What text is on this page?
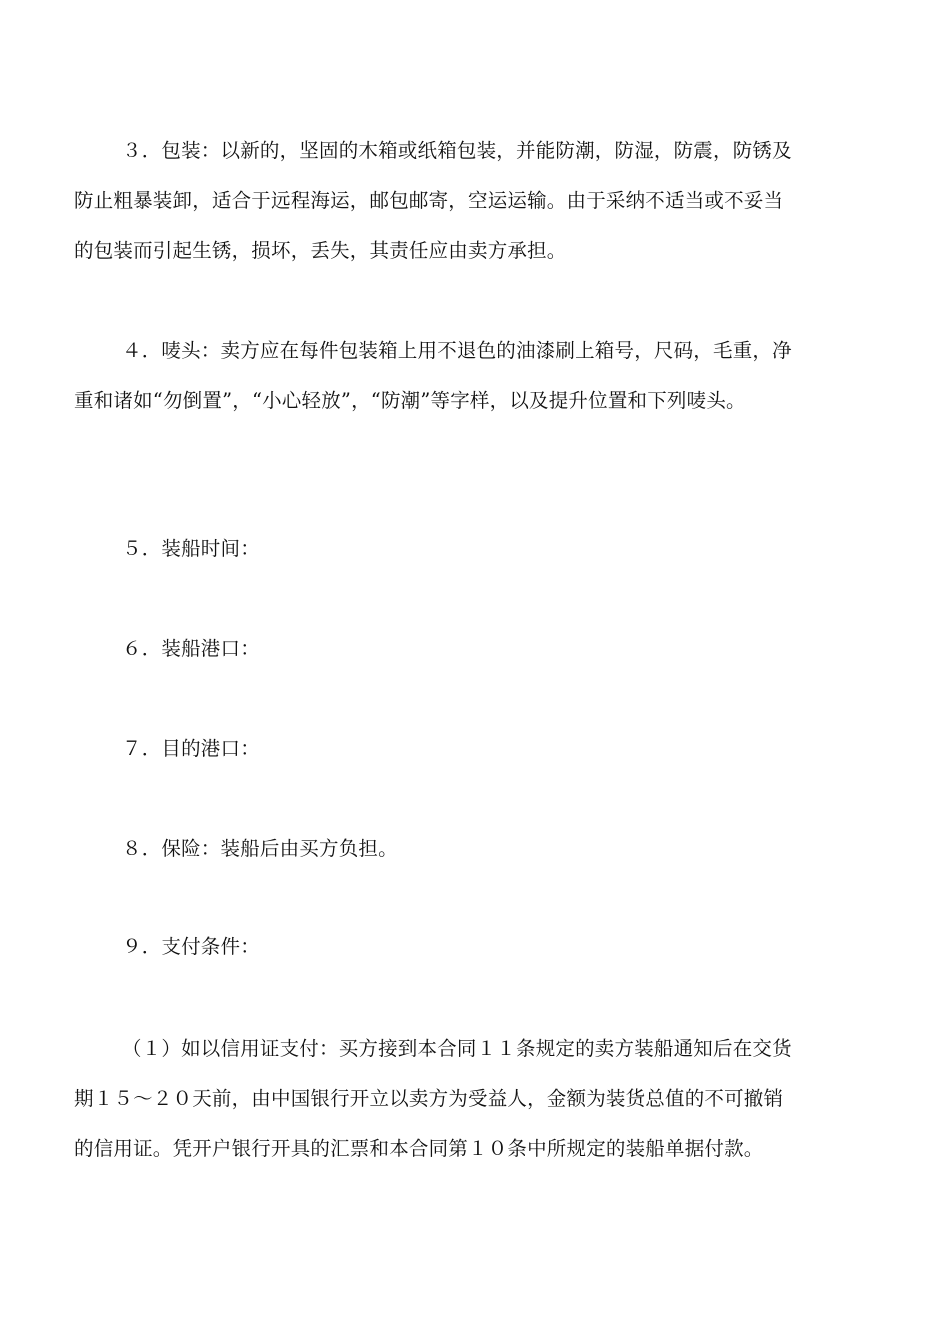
３．包装：以新的，坚固的木箱或纸箱包装，并能防潮，防湿，防震，防锈及
防止粗暴装卸，适合于远程海运，邮包邮寄，空运运输。由于采纳不适当或不妥当
的包装而引起生锈，损坏，丢失，其责任应由卖方承担。
４．唛头：卖方应在每件包装箱上用不退色的油漆刷上箱号，尺码，毛重，净
重和诸如“勿倒置”，“小心轻放”，“防潮”等字样，以及提升位置和下列唛头。
５．装船时间：
６．装船港口：
７．目的港口：
８．保险：装船后由买方负担。
９．支付条件：
（１）如以信用证支付：买方接到本合同１１条规定的卖方装船通知后在交货
期１５～２０天前，由中国银行开立以卖方为受益人，金额为装货总值的不可撤销
的信用证。凭开户银行开具的汇票和本合同第１０条中所规定的装船单据付款。
